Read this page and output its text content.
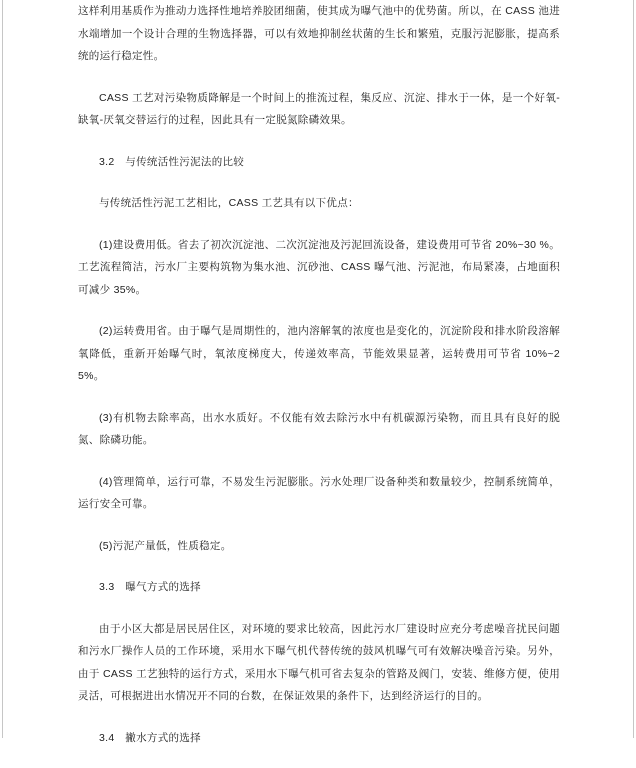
这样利用基质作为推动力选择性地培养胶团细菌，使其成为曝气池中的优势菌。所以，在 CASS 池进水端增加一个设计合理的生物选择器，可以有效地抑制丝状菌的生长和繁殖，克服污泥膨胀，提高系统的运行稳定性。

CASS 工艺对污染物质降解是一个时间上的推流过程，集反应、沉淀、排水于一体，是一个好氧-缺氧-厌氧交替运行的过程，因此具有一定脱氮除磷效果。

3.2　与传统活性污泥法的比较

与传统活性污泥工艺相比，CASS 工艺具有以下优点：

(1)建设费用低。省去了初次沉淀池、二次沉淀池及污泥回流设备，建设费用可节省 20%~30 %。工艺流程简洁，污水厂主要构筑物为集水池、沉砂池、CASS 曝气池、污泥池，布局紧凑，占地面积可减少 35%。

(2)运转费用省。由于曝气是周期性的，池内溶解氧的浓度也是变化的，沉淀阶段和排水阶段溶解氧降低，重新开始曝气时，氧浓度梯度大，传递效率高，节能效果显著，运转费用可节省 10%~25%。

(3)有机物去除率高，出水水质好。不仅能有效去除污水中有机碳源污染物，而且具有良好的脱氮、除磷功能。

(4)管理简单，运行可靠，不易发生污泥膨胀。污水处理厂设备种类和数量较少，控制系统简单，运行安全可靠。

(5)污泥产量低，性质稳定。

3.3　曝气方式的选择

由于小区大都是居民居住区，对环境的要求比较高，因此污水厂建设时应充分考虑噪音扰民问题和污水厂操作人员的工作环境，采用水下曝气机代替传统的鼓风机曝气可有效解决噪音污染。另外，由于 CASS 工艺独特的运行方式，采用水下曝气机可省去复杂的管路及阀门，安装、维修方便，使用灵活，可根据进出水情况开不同的台数，在保证效果的条件下，达到经济运行的目的。

3.4　撇水方式的选择
